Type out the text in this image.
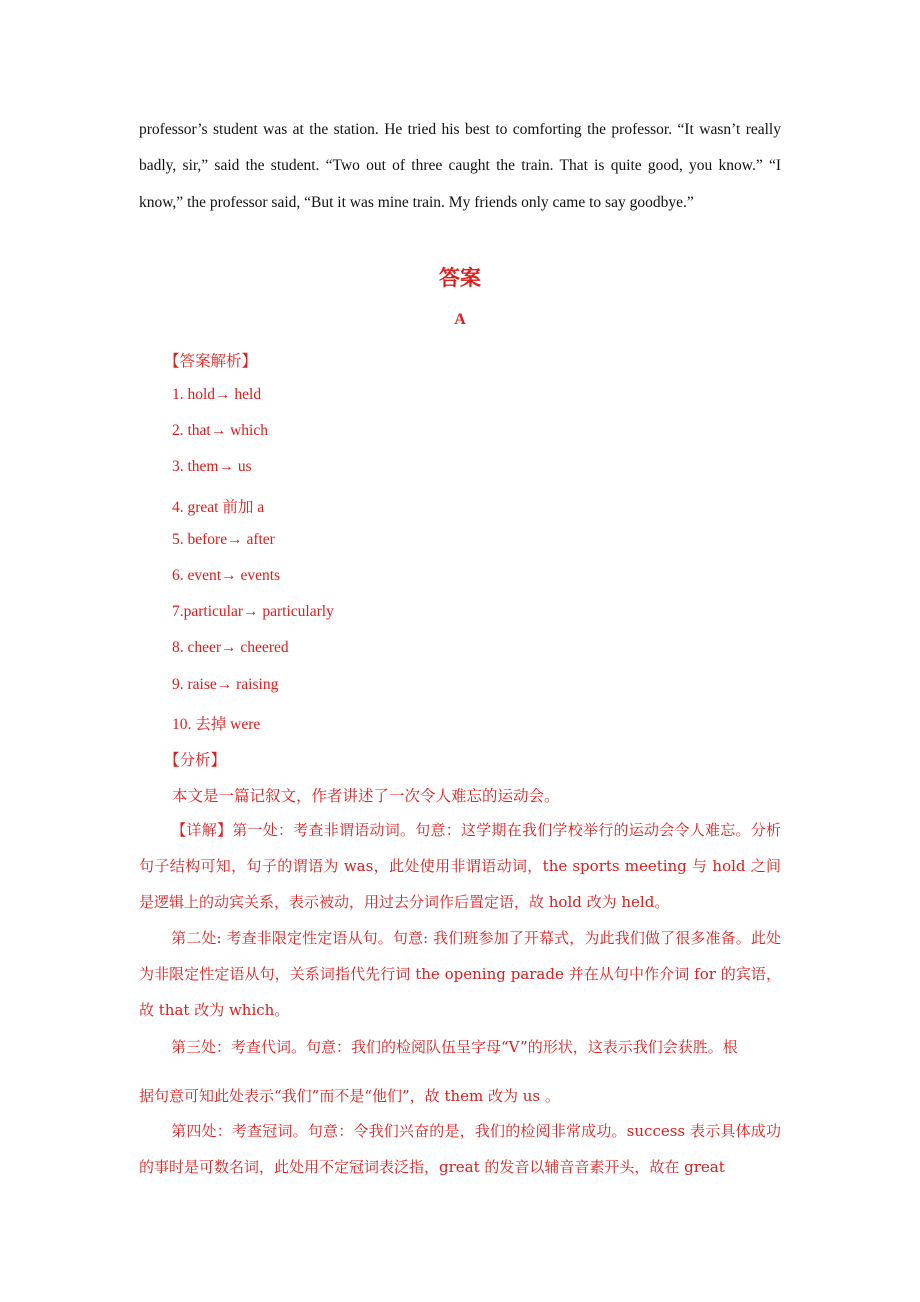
professor’s student was at the station. He tried his best to comforting the professor. “It wasn’t really badly, sir,” said the student. “Two out of three caught the train. That is quite good, you know.” “I know,” the professor said, “But it was mine train. My friends only came to say goodbye.”

答案
A
【答案解析】
1. hold→ held
2. that→ which
3. them→ us
4. great 前加 a
5. before→ after
6. event→ events
7.particular→ particularly
8. cheer→ cheered
9. raise→ raising
10. 去掉 were
【分析】
本文是一篇记叙文，作者讲述了一次令人难忘的运动会。
【详解】第一处：考查非谓语动词。句意：这学期在我们学校举行的运动会令人难忘。分析句子结构可知，句子的谓语为 was，此处使用非谓语动词，the sports meeting 与 hold 之间是逻辑上的动宾关系，表示被动，用过去分词作后置定语，故 hold 改为 held。
第二处: 考查非限定性定语从句。句意: 我们班参加了开幕式，为此我们做了很多准备。此处为非限定性定语从句，关系词指代先行词 the opening parade 并在从句中作介词 for 的宾语，故 that 改为 which。
第三处：考查代词。句意：我们的检阅队伍呈字母“V”的形状，这表示我们会获胜。根
据句意可知此处表示“我们”而不是“他们”，故 them 改为 us 。
第四处：考查冠词。句意：令我们兴奋的是，我们的检阅非常成功。success 表示具体成功的事时是可数名词，此处用不定冠词表泛指，great 的发音以辅音音素开头，故在 great
